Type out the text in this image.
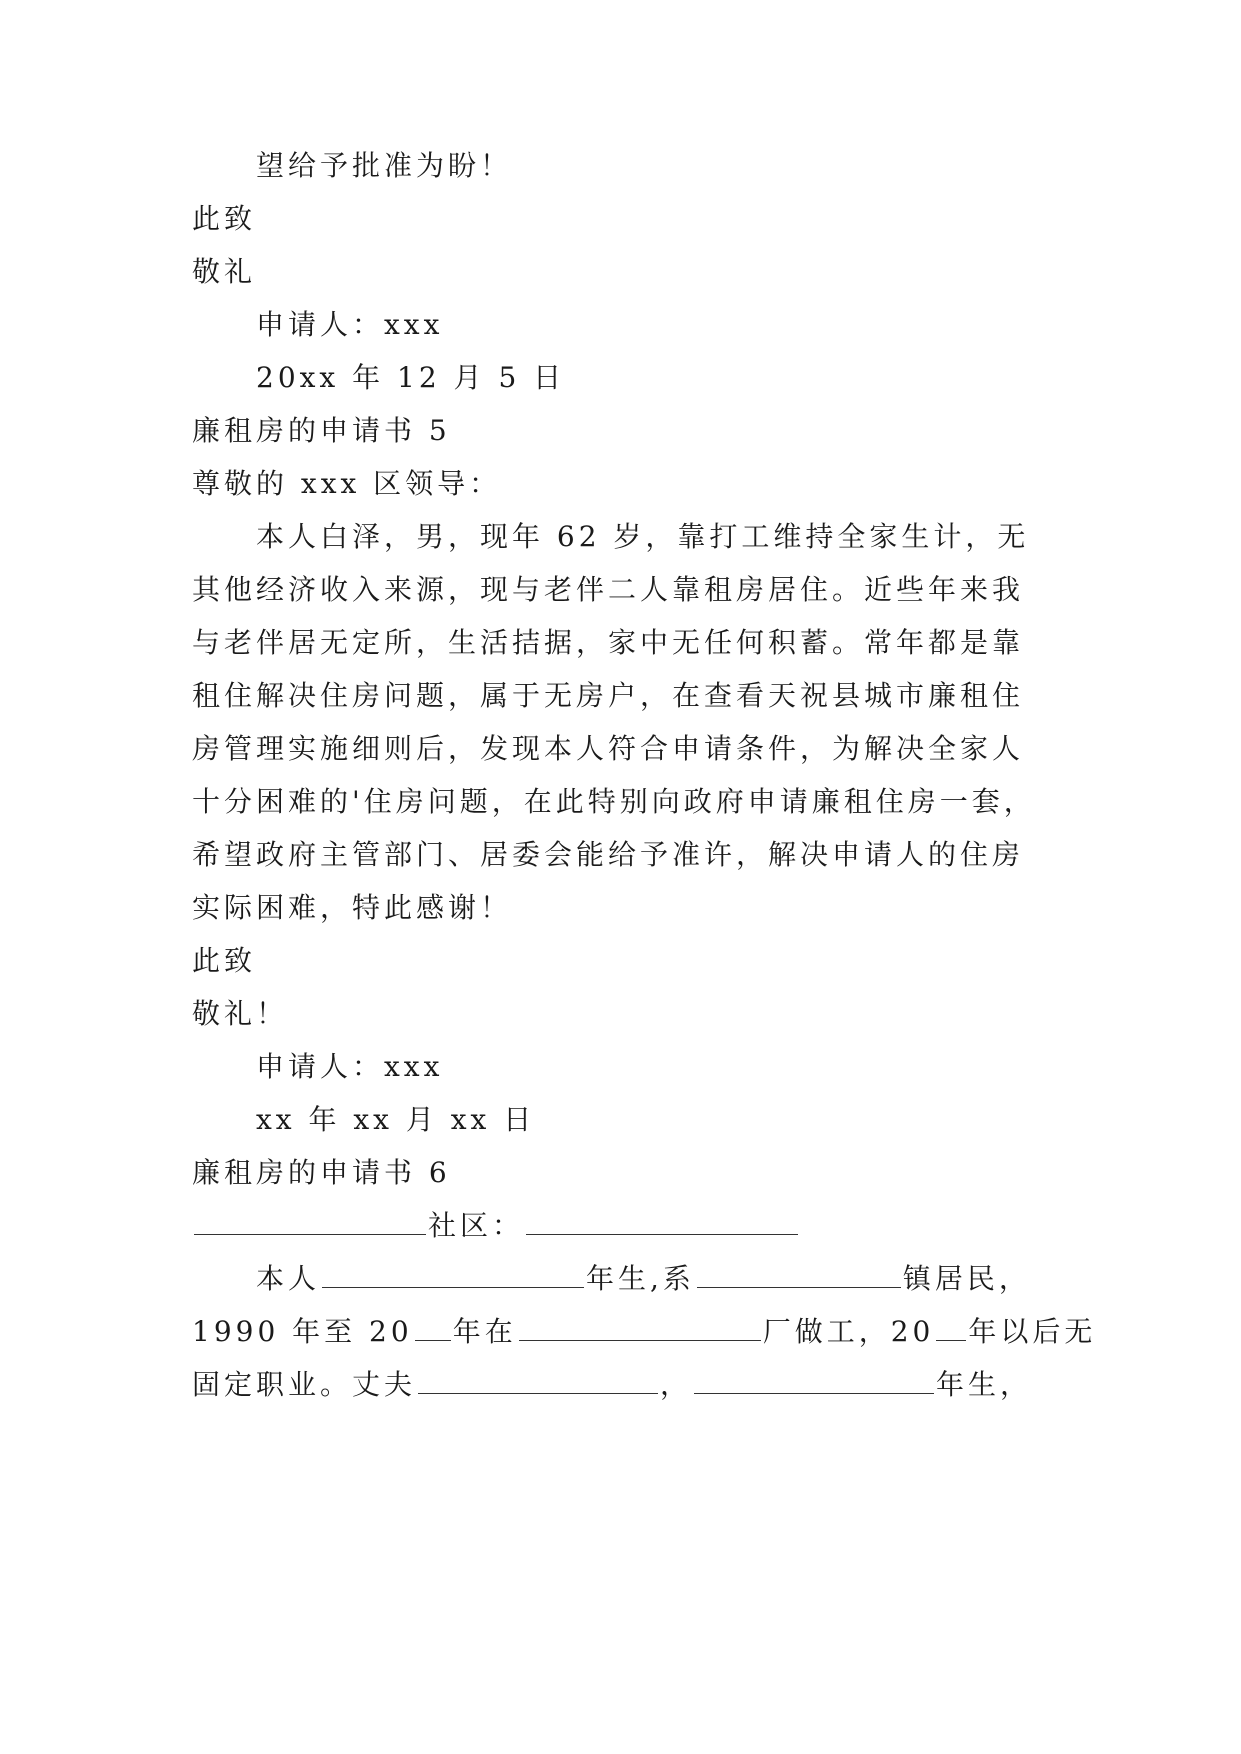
望给予批准为盼！
此致
敬礼
申请人：xxx
20xx 年 12 月 5 日
廉租房的申请书 5
尊敬的 xxx 区领导：
本人白泽，男，现年 62 岁，靠打工维持全家生计，无
其他经济收入来源，现与老伴二人靠租房居住。近些年来我
与老伴居无定所，生活拮据，家中无任何积蓄。常年都是靠
租住解决住房问题，属于无房户，在查看天祝县城市廉租住
房管理实施细则后，发现本人符合申请条件，为解决全家人
十分困难的'住房问题，在此特别向政府申请廉租住房一套，
希望政府主管部门、居委会能给予准许，解决申请人的住房
实际困难，特此感谢！
此致
敬礼！
申请人：xxx
xx 年 xx 月 xx 日
廉租房的申请书 6
社区：
本人	年生,系	镇居民，
1990 年至 20 年在	厂做工，20 年以后无
固定职业。丈夫	，	年生，
